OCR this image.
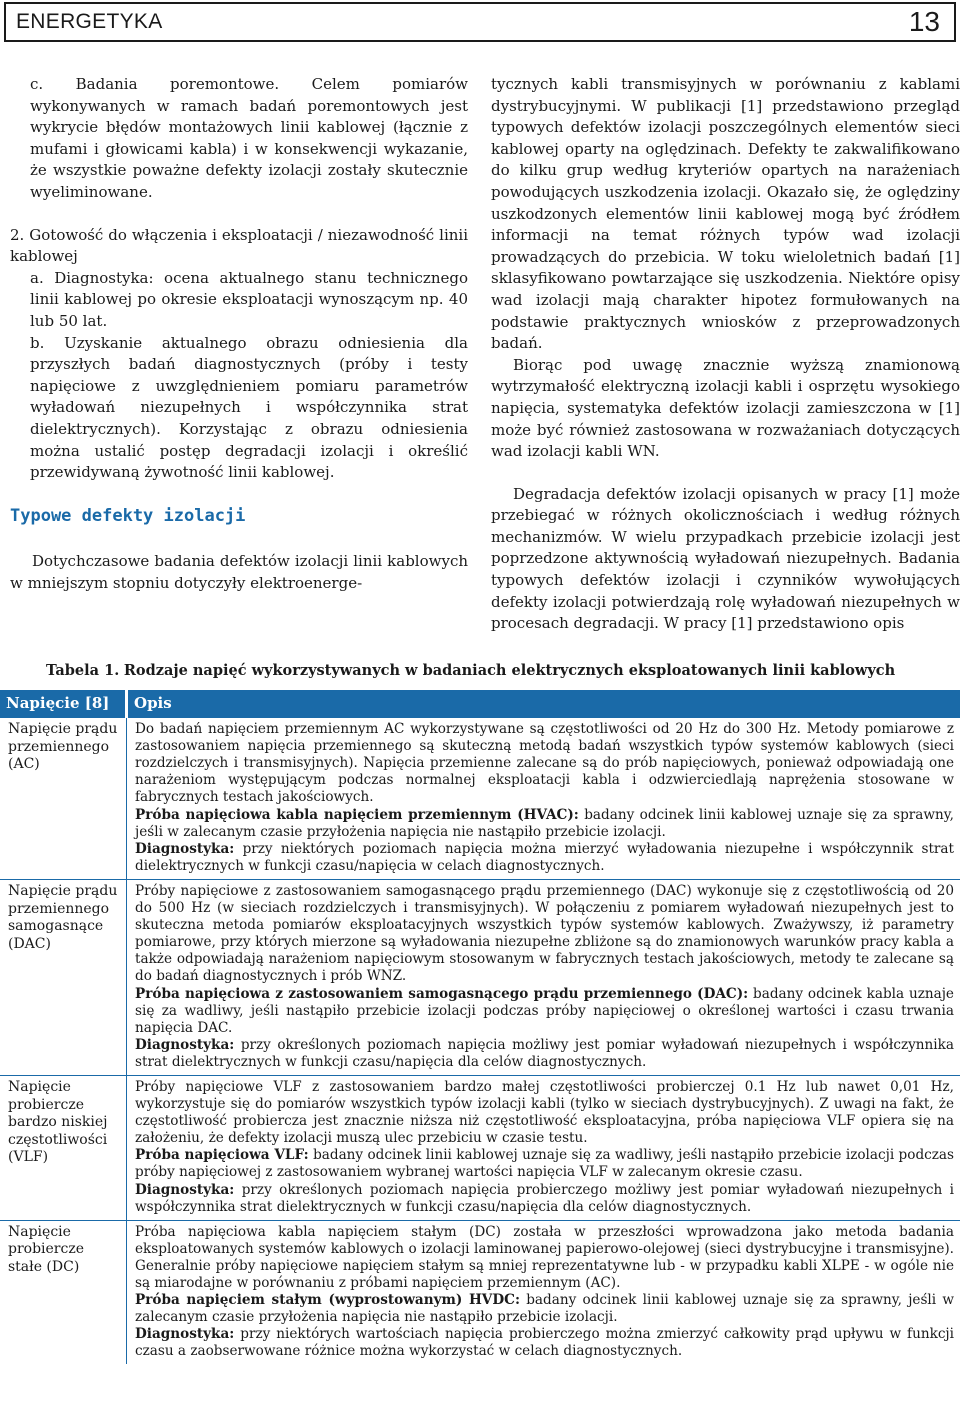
ENERGETYKA	13

c. Badania poremontowe. Celem pomiarów wykonywanych w ramach badań poremontowych jest wykrycie błędów montażowych linii kablowej (łącznie z mufami i głowicami kabla) i w konsekwencji wykazanie, że wszystkie poważne defekty izolacji zostały skutecznie wyeliminowane.

2. Gotowość do włączenia i eksploatacji / niezawodność linii kablowej

a. Diagnostyka: ocena aktualnego stanu technicznego linii kablowej po okresie eksploatacji wynoszącym np. 40 lub 50 lat.

b. Uzyskanie aktualnego obrazu odniesienia dla przyszłych badań diagnostycznych (próby i testy napięciowe z uwzględnieniem pomiaru parametrów wyładowań niezupełnych i współczynnika strat dielektrycznych). Korzystając z obrazu odniesienia można ustalić postęp degradacji izolacji i określić przewidywaną żywotność linii kablowej.

Typowe defekty izolacji

Dotychczasowe badania defektów izolacji linii kablowych w mniejszym stopniu dotyczyły elektroenerge-

tycznych kabli transmisyjnych w porównaniu z kablami dystrybucyjnymi. W publikacji [1] przedstawiono przegląd typowych defektów izolacji poszczególnych elementów sieci kablowej oparty na oględzinach. Defekty te zakwalifikowano do kilku grup według kryteriów opartych na narażeniach powodujących uszkodzenia izolacji. Okazało się, że oględziny uszkodzonych elementów linii kablowej mogą być źródłem informacji na temat różnych typów wad izolacji prowadzących do przebicia. W toku wieloletnich badań [1] sklasyfikowano powtarzające się uszkodzenia. Niektóre opisy wad izolacji mają charakter hipotez formułowanych na podstawie praktycznych wniosków z przeprowadzonych badań.

Biorąc pod uwagę znacznie wyższą znamionową wytrzymałość elektryczną izolacji kabli i osprzętu wysokiego napięcia, systematyka defektów izolacji zamieszczona w [1] może być również zastosowana w rozważaniach dotyczących wad izolacji kabli WN.

Degradacja defektów izolacji opisanych w pracy [1] może przebiegać w różnych okolicznościach i według różnych mechanizmów. W wielu przypadkach przebicie izolacji jest poprzedzone aktywnością wyładowań niezupełnych. Badania typowych defektów izolacji i czynników wywołujących defekty izolacji potwierdzają rolę wyładowań niezupełnych w procesach degradacji. W pracy [1] przedstawiono opis

Tabela 1. Rodzaje napięć wykorzystywanych w badaniach elektrycznych eksploatowanych linii kablowych
Napięcie [8]	Opis
Napięcie prądu przemiennego (AC)	Do badań napięciem przemiennym AC wykorzystywane są częstotliwości od 20 Hz do 300 Hz. Metody pomiarowe z zastosowaniem napięcia przemiennego są skuteczną metodą badań wszystkich typów systemów kablowych (sieci rozdzielczych i transmisyjnych). Napięcia przemienne zalecane są do prób napięciowych, ponieważ odpowiadają one narażeniom występującym podczas normalnej eksploatacji kabla i odzwierciedlają naprężenia stosowane w fabrycznych testach jakościowych.

Próba napięciowa kabla napięciem przemiennym (HVAC): badany odcinek linii kablowej uznaje się za sprawny, jeśli w zalecanym czasie przyłożenia napięcia nie nastąpiło przebicie izolacji.

Diagnostyka: przy niektórych poziomach napięcia można mierzyć wyładowania niezupełne i współczynnik strat dielektrycznych w funkcji czasu/napięcia w celach diagnostycznych.

Napięcie prądu przemiennego samogasnące (DAC)	Próby napięciowe z zastosowaniem samogasnącego prądu przemiennego (DAC) wykonuje się z częstotliwością od 20 do 500 Hz (w sieciach rozdzielczych i transmisyjnych). W połączeniu z pomiarem wyładowań niezupełnych jest to skuteczna metoda pomiarów eksploatacyjnych wszystkich typów systemów kablowych. Zważywszy, iż parametry pomiarowe, przy których mierzone są wyładowania niezupełne zbliżone są do znamionowych warunków pracy kabla a także odpowiadają narażeniom napięciowym stosowanym w fabrycznych testach jakościowych, metody te zalecane są do badań diagnostycznych i prób WNZ.

Próba napięciowa z zastosowaniem samogasnącego prądu przemiennego (DAC): badany odcinek kabla uznaje się za wadliwy, jeśli nastąpiło przebicie izolacji podczas próby napięciowej o określonej wartości i czasu trwania napięcia DAC.

Diagnostyka: przy określonych poziomach napięcia możliwy jest pomiar wyładowań niezupełnych i współczynnika strat dielektrycznych w funkcji czasu/napięcia dla celów diagnostycznych.

Napięcie probiercze bardzo niskiej częstotliwości (VLF)	Próby napięciowe VLF z zastosowaniem bardzo małej częstotliwości probierczej 0.1 Hz lub nawet 0,01 Hz, wykorzystuje się do pomiarów wszystkich typów izolacji kabli (tylko w sieciach dystrybucyjnych). Z uwagi na fakt, że częstotliwość probiercza jest znacznie niższa niż częstotliwość eksploatacyjna, próba napięciowa VLF opiera się na założeniu, że defekty izolacji muszą ulec przebiciu w czasie testu.

Próba napięciowa VLF: badany odcinek linii kablowej uznaje się za wadliwy, jeśli nastąpiło przebicie izolacji podczas próby napięciowej z zastosowaniem wybranej wartości napięcia VLF w zalecanym okresie czasu.

Diagnostyka: przy określonych poziomach napięcia probierczego możliwy jest pomiar wyładowań niezupełnych i współczynnika strat dielektrycznych w funkcji czasu/napięcia dla celów diagnostycznych.

Napięcie probiercze stałe (DC)	Próba napięciowa kabla napięciem stałym (DC) została w przeszłości wprowadzona jako metoda badania eksploatowanych systemów kablowych o izolacji laminowanej papierowo-olejowej (sieci dystrybucyjne i transmisyjne). Generalnie próby napięciowe napięciem stałym są mniej reprezentatywne lub - w przypadku kabli XLPE - w ogóle nie są miarodajne w porównaniu z próbami napięciem przemiennym (AC).

Próba napięciem stałym (wyprostowanym) HVDC: badany odcinek linii kablowej uznaje się za sprawny, jeśli w zalecanym czasie przyłożenia napięcia nie nastąpiło przebicie izolacji.

Diagnostyka: przy niektórych wartościach napięcia probierczego można zmierzyć całkowity prąd upływu w funkcji czasu a zaobserwowane różnice można wykorzystać w celach diagnostycznych.
